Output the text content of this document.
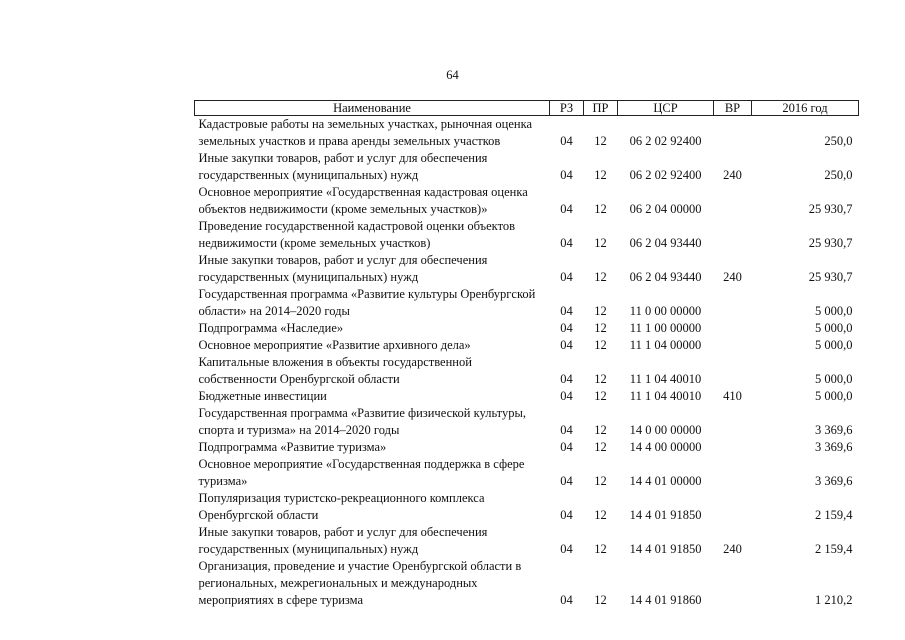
64
Наименование	РЗ	ПР	ЦСР	ВР	2016 год
Кадастровые работы на земельных участках, рыночная оценка земельных участков и права аренды земельных участков	04	12	06 2 02 92400		250,0
Иные закупки товаров, работ и услуг для обеспечения государственных (муниципальных) нужд	04	12	06 2 02 92400	240	250,0
Основное мероприятие «Государственная кадастровая оценка объектов недвижимости (кроме земельных участков)»	04	12	06 2 04 00000		25 930,7
Проведение государственной кадастровой оценки объектов недвижимости (кроме земельных участков)	04	12	06 2 04 93440		25 930,7
Иные закупки товаров, работ и услуг для обеспечения государственных (муниципальных) нужд	04	12	06 2 04 93440	240	25 930,7
Государственная программа «Развитие культуры Оренбургской области» на 2014–2020 годы	04	12	11 0 00 00000		5 000,0
Подпрограмма «Наследие»	04	12	11 1 00 00000		5 000,0
Основное мероприятие «Развитие архивного дела»	04	12	11 1 04 00000		5 000,0
Капитальные вложения в объекты государственной собственности Оренбургской области	04	12	11 1 04 40010		5 000,0
Бюджетные инвестиции	04	12	11 1 04 40010	410	5 000,0
Государственная программа «Развитие физической культуры, спорта и туризма» на 2014–2020 годы	04	12	14 0 00 00000		3 369,6
Подпрограмма «Развитие туризма»	04	12	14 4 00 00000		3 369,6
Основное мероприятие «Государственная поддержка в сфере туризма»	04	12	14 4 01 00000		3 369,6
Популяризация туристско-рекреационного комплекса Оренбургской области	04	12	14 4 01 91850		2 159,4
Иные закупки товаров, работ и услуг для обеспечения государственных (муниципальных) нужд	04	12	14 4 01 91850	240	2 159,4
Организация, проведение и участие Оренбургской области в региональных, межрегиональных и международных мероприятиях в сфере туризма	04	12	14 4 01 91860		1 210,2
